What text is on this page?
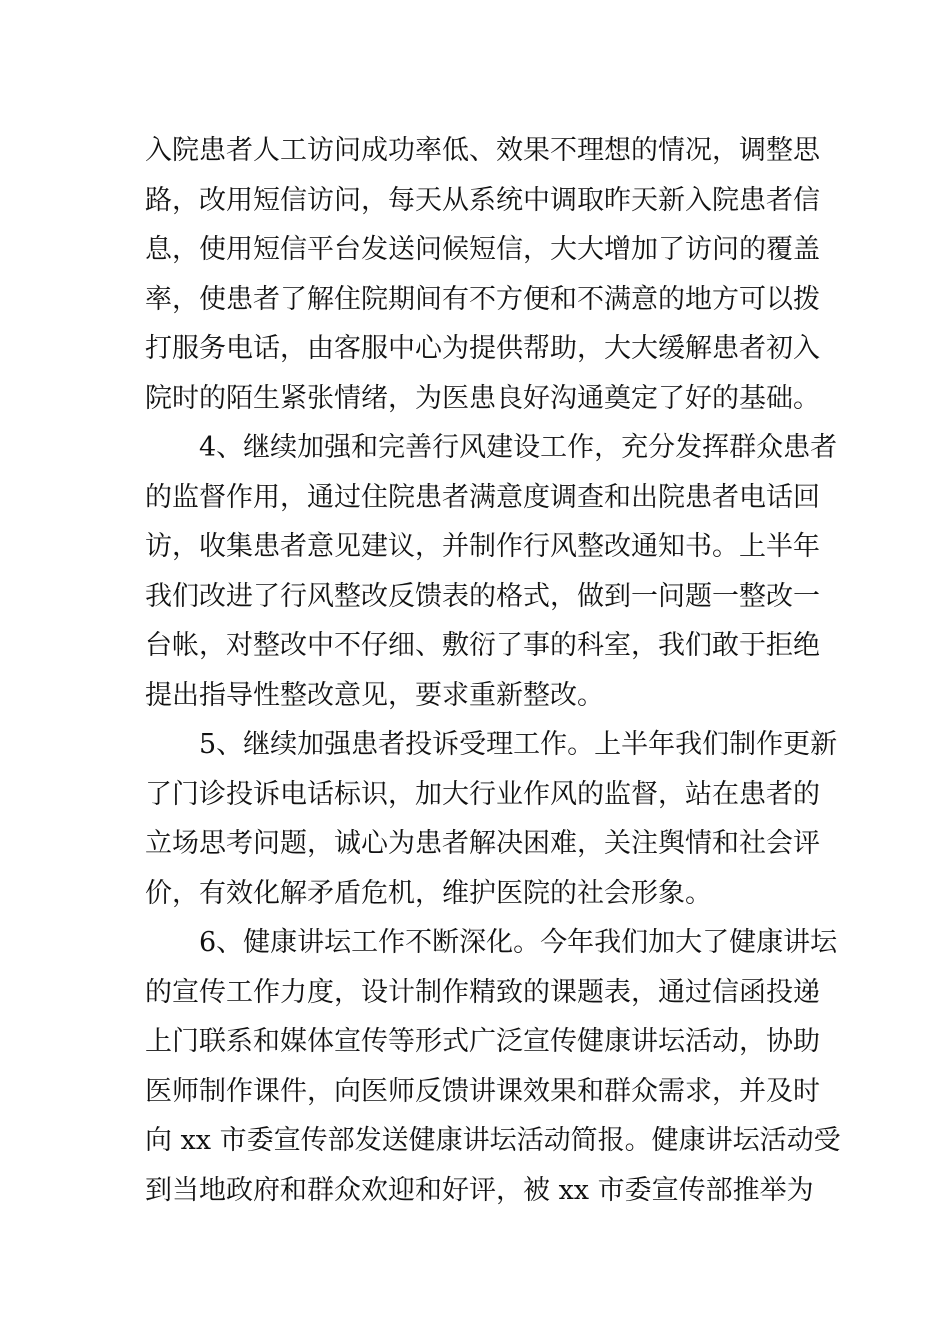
入院患者人工访问成功率低、效果不理想的情况，调整思
路，改用短信访问，每天从系统中调取昨天新入院患者信
息，使用短信平台发送问候短信，大大增加了访问的覆盖
率，使患者了解住院期间有不方便和不满意的地方可以拨
打服务电话，由客服中心为提供帮助，大大缓解患者初入
院时的陌生紧张情绪，为医患良好沟通奠定了好的基础。
4、继续加强和完善行风建设工作，充分发挥群众患者
的监督作用，通过住院患者满意度调查和出院患者电话回
访，收集患者意见建议，并制作行风整改通知书。上半年
我们改进了行风整改反馈表的格式，做到一问题一整改一
台帐，对整改中不仔细、敷衍了事的科室，我们敢于拒绝
提出指导性整改意见，要求重新整改。
5、继续加强患者投诉受理工作。上半年我们制作更新
了门诊投诉电话标识，加大行业作风的监督，站在患者的
立场思考问题，诚心为患者解决困难，关注舆情和社会评
价，有效化解矛盾危机，维护医院的社会形象。
6、健康讲坛工作不断深化。今年我们加大了健康讲坛
的宣传工作力度，设计制作精致的课题表，通过信函投递
上门联系和媒体宣传等形式广泛宣传健康讲坛活动，协助
医师制作课件，向医师反馈讲课效果和群众需求，并及时
向 xx 市委宣传部发送健康讲坛活动简报。健康讲坛活动受
到当地政府和群众欢迎和好评，被 xx 市委宣传部推举为
